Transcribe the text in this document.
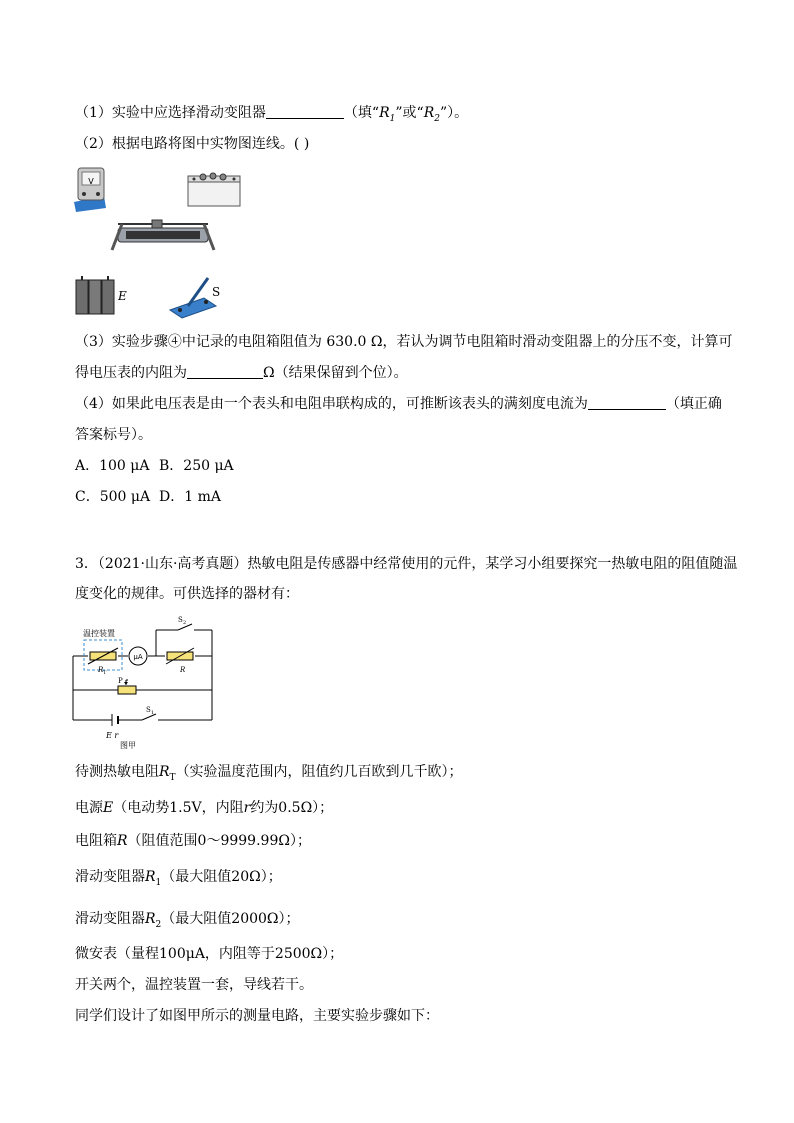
（1）实验中应选择滑动变阻器	（填“$R_1$”或“$R_2$”）。
（2）根据电路将图中实物图连线。( )
V
E	S
（3）实验步骤④中记录的电阻箱阻值为 630.0 Ω，若认为调节电阻箱时滑动变阻器上的分压不变，计算可
得电压表的内阻为	Ω（结果保留到个位）。
（4）如果此电压表是由一个表头和电阻串联构成的，可推断该表头的满刻度电流为	（填正确
答案标号）。
A．100 μA B．250 μA
C．500 μA D．1 mA
3．（2021·山东·高考真题）热敏电阻是传感器中经常使用的元件，某学习小组要探究一热敏电阻的阻值随温
度变化的规律。可供选择的器材有：
温控装置
R T
μA
R
S 2
P
E r
S 1
图甲
待测热敏电阻$R_T$（实验温度范围内，阻值约几百欧到几千欧）；
电源E（电动势1.5V，内阻r约为0.5Ω）；
电阻箱R（阻值范围0～9999.99Ω）；
滑动变阻器$R_1$（最大阻值20Ω）；
滑动变阻器$R_2$（最大阻值2000Ω）；
微安表（量程100μA，内阻等于2500Ω）；
开关两个，温控装置一套，导线若干。
同学们设计了如图甲所示的测量电路，主要实验步骤如下：
